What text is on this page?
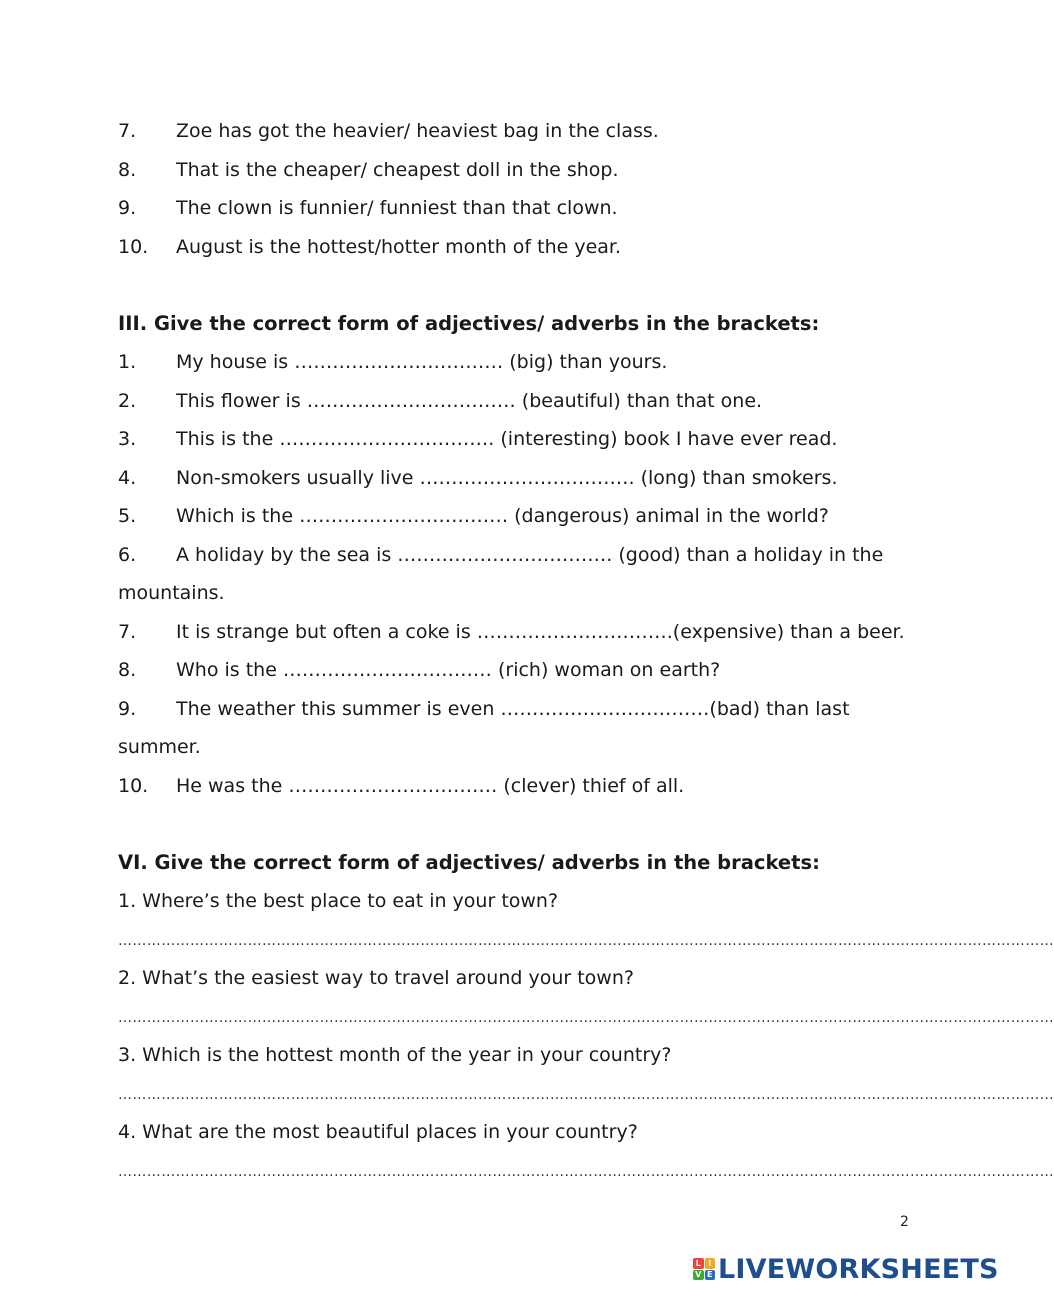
7. Zoe has got the heavier/ heaviest bag in the class.
8. That is the cheaper/ cheapest doll in the shop.
9. The clown is funnier/ funniest than that clown.
10. August is the hottest/hotter month of the year.
III. Give the correct form of adjectives/ adverbs in the brackets:
1. My house is …………………………… (big) than yours.
2. This flower is …………………………… (beautiful) than that one.
3. This is the ……………………………. (interesting) book I have ever read.
4. Non-smokers usually live ……………………………. (long) than smokers.
5. Which is the …………………………… (dangerous) animal in the world?
6. A holiday by the sea is ……………………………. (good) than a holiday in the
mountains.
7. It is strange but often a coke is ………………………….(expensive) than a beer.
8. Who is the …………………………… (rich) woman on earth?
9. The weather this summer is even ……………………………(bad) than last
summer.
10. He was the …………………………… (clever) thief of all.
VI. Give the correct form of adjectives/ adverbs in the brackets:
1. Where’s the best place to eat in your town?
……………………………………………………………………………………………………………………………………………………………………………
2. What’s the easiest way to travel around your town?
……………………………………………………………………………………………………………………………………………………………………………
3. Which is the hottest month of the year in your country?
……………………………………………………………………………………………………………………………………………………………………………
4. What are the most beautiful places in your country?
……………………………………………………………………………………………………………………………………………………………………………
2
L I
V E LIVEWORKSHEETS
